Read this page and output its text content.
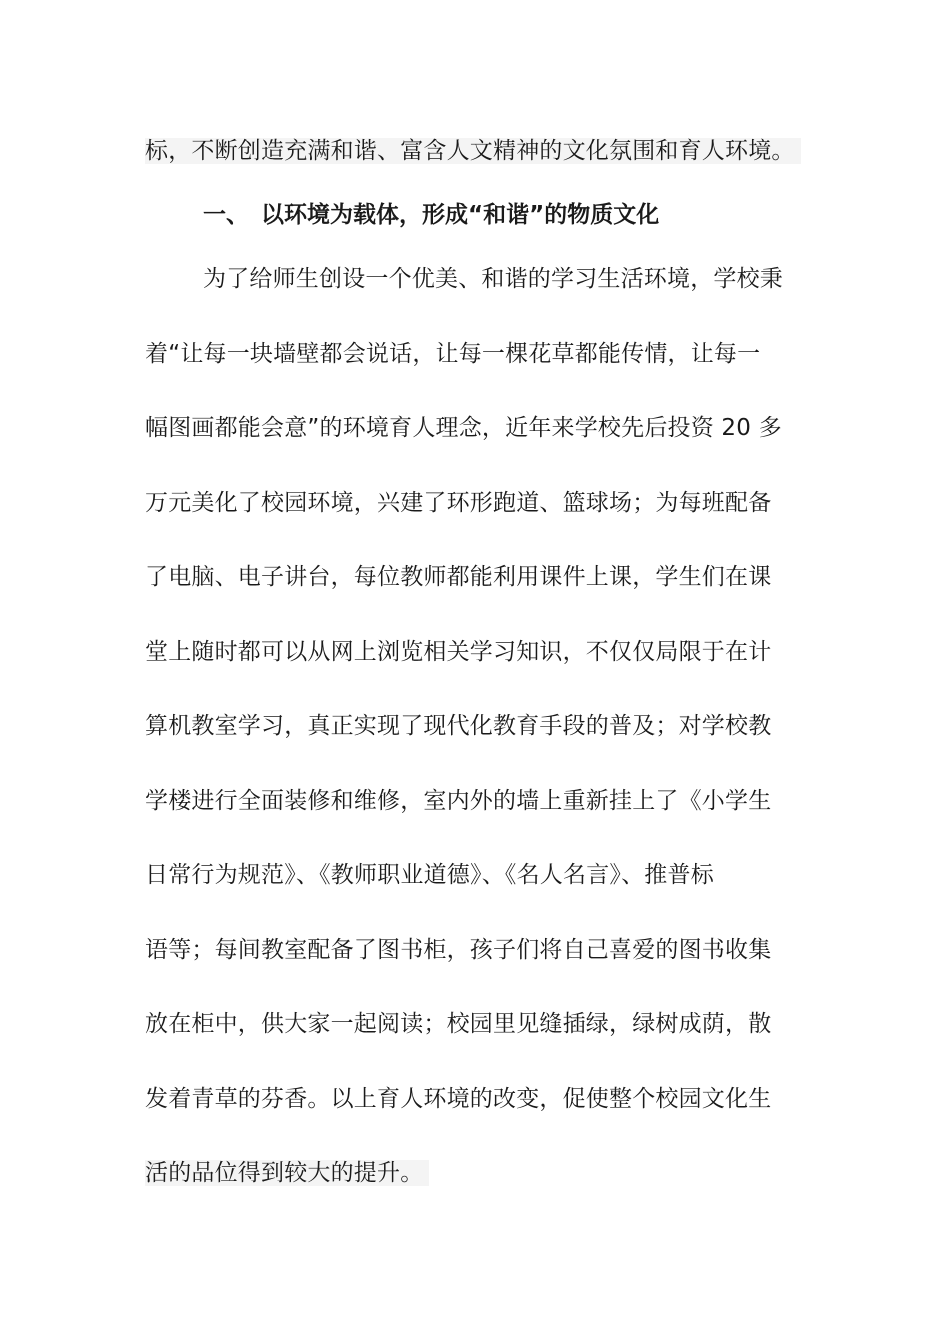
标，不断创造充满和谐、富含人文精神的文化氛围和育人环境。
一、 以环境为载体，形成“和谐”的物质文化
为了给师生创设一个优美、和谐的学习生活环境，学校秉
着“让每一块墙壁都会说话，让每一棵花草都能传情，让每一
幅图画都能会意”的环境育人理念，近年来学校先后投资 20 多
万元美化了校园环境，兴建了环形跑道、篮球场；为每班配备
了电脑、电子讲台，每位教师都能利用课件上课，学生们在课
堂上随时都可以从网上浏览相关学习知识，不仅仅局限于在计
算机教室学习，真正实现了现代化教育手段的普及；对学校教
学楼进行全面装修和维修，室内外的墙上重新挂上了《小学生
日常行为规范》、《教师职业道德》、《名人名言》、推普标
语等；每间教室配备了图书柜，孩子们将自己喜爱的图书收集
放在柜中，供大家一起阅读；校园里见缝插绿，绿树成荫，散
发着青草的芬香。以上育人环境的改变，促使整个校园文化生
活的品位得到较大的提升。
